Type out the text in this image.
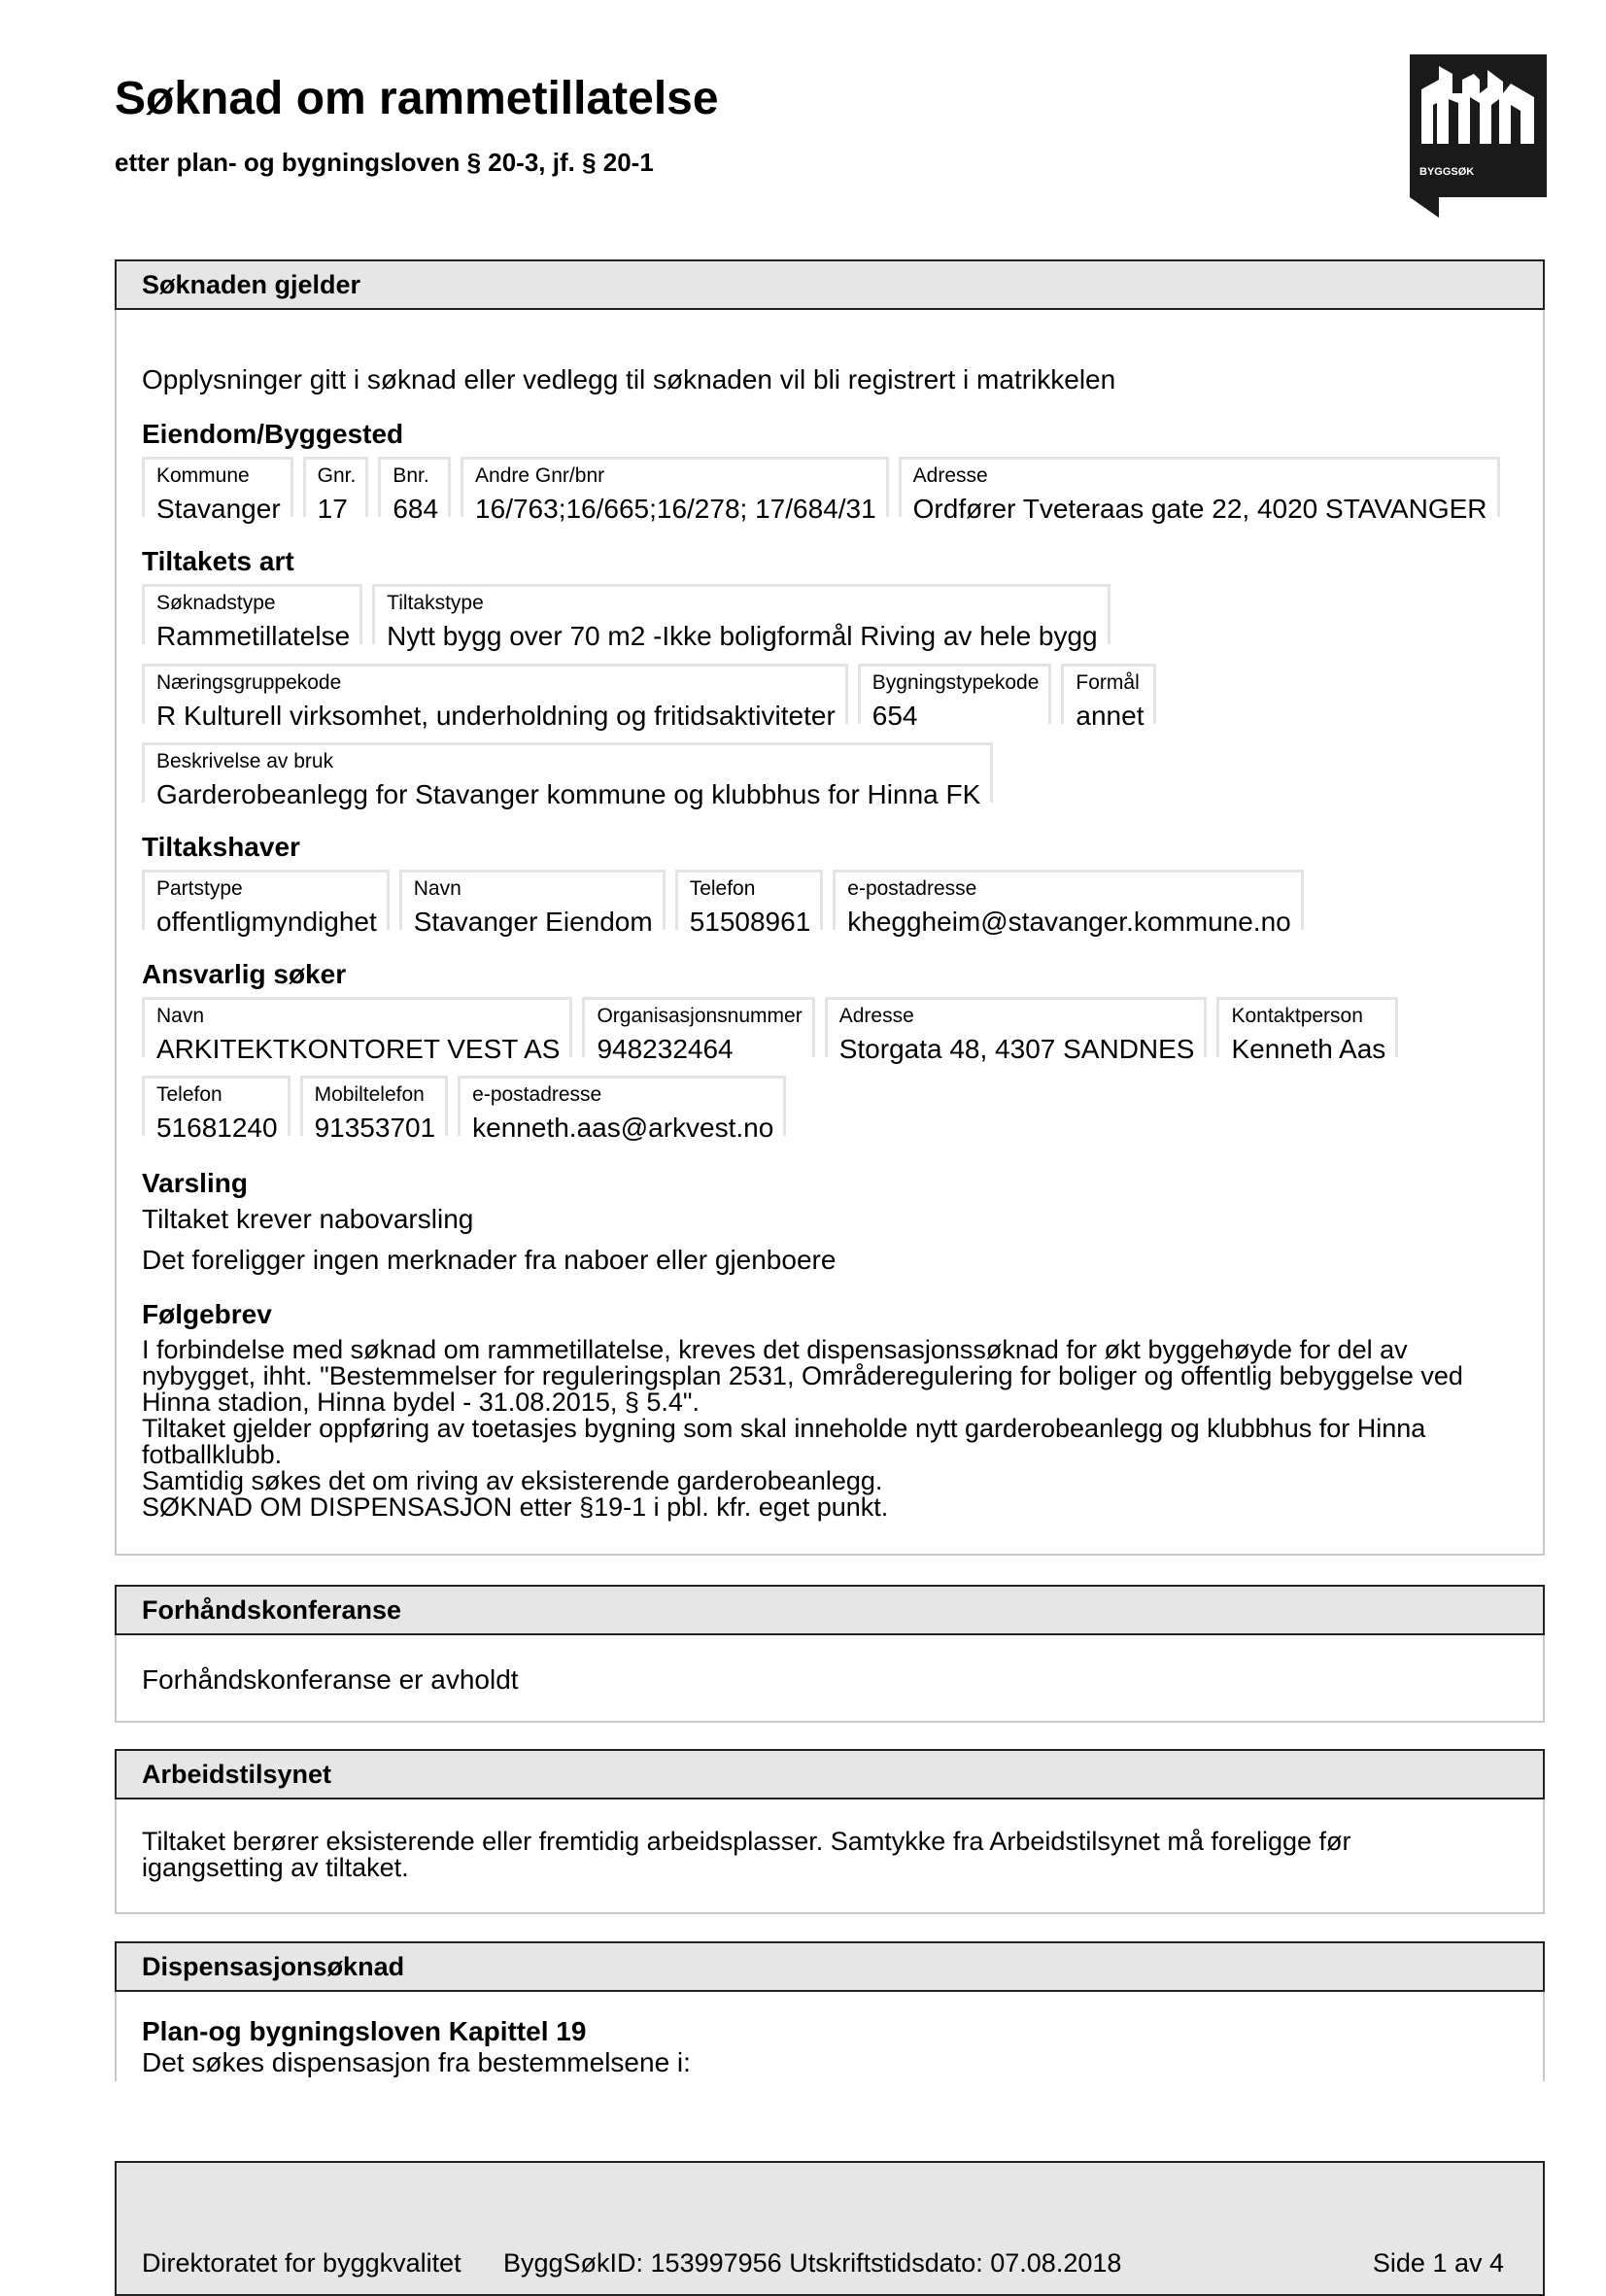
Søknad om rammetillatelse

etter plan- og bygningsloven § 20-3, jf. § 20-1	BYGGSØK
Søknaden gjelder
Opplysninger gitt i søknad eller vedlegg til søknaden vil bli registrert i matrikkelen
Eiendom/Byggested
Kommune
Stavanger
Gnr.
17
Bnr.
684
Andre Gnr/bnr
16/763;16/665;16/278; 17/684/31
Adresse
Ordfører Tveteraas gate 22, 4020 STAVANGER
Tiltakets art
Søknadstype
Rammetillatelse
Tiltakstype
Nytt bygg over 70 m2 -Ikke boligformål Riving av hele bygg
Næringsgruppekode
R Kulturell virksomhet, underholdning og fritidsaktiviteter
Bygningstypekode
654
Formål
annet
Beskrivelse av bruk
Garderobeanlegg for Stavanger kommune og klubbhus for Hinna FK
Tiltakshaver
Partstype
offentligmyndighet
Navn
Stavanger Eiendom
Telefon
51508961
e-postadresse
kheggheim@stavanger.kommune.no
Ansvarlig søker
Navn
ARKITEKTKONTORET VEST AS
Organisasjonsnummer
948232464
Adresse
Storgata 48, 4307 SANDNES
Kontaktperson
Kenneth Aas
Telefon
51681240
Mobiltelefon
91353701
e-postadresse
kenneth.aas@arkvest.no
Varsling
Tiltaket krever nabovarsling
Det foreligger ingen merknader fra naboer eller gjenboere
Følgebrev
I forbindelse med søknad om rammetillatelse, kreves det dispensasjonssøknad for økt byggehøyde for del av
nybygget, ihht. "Bestemmelser for reguleringsplan 2531, Områderegulering for boliger og offentlig bebyggelse ved
Hinna stadion, Hinna bydel - 31.08.2015, § 5.4".
Tiltaket gjelder oppføring av toetasjes bygning som skal inneholde nytt garderobeanlegg og klubbhus for Hinna
fotballklubb.
Samtidig søkes det om riving av eksisterende garderobeanlegg.
SØKNAD OM DISPENSASJON etter §19-1 i pbl. kfr. eget punkt.
Forhåndskonferanse
Forhåndskonferanse er avholdt
Arbeidstilsynet
Tiltaket berører eksisterende eller fremtidig arbeidsplasser. Samtykke fra Arbeidstilsynet må foreligge før
igangsetting av tiltaket.
Dispensasjonsøknad
Plan-og bygningsloven Kapittel 19
Det søkes dispensasjon fra bestemmelsene i:
Direktoratet for byggkvalitet ByggSøkID: 153997956 Utskriftstidsdato: 07.08.2018	Side 1 av 4
